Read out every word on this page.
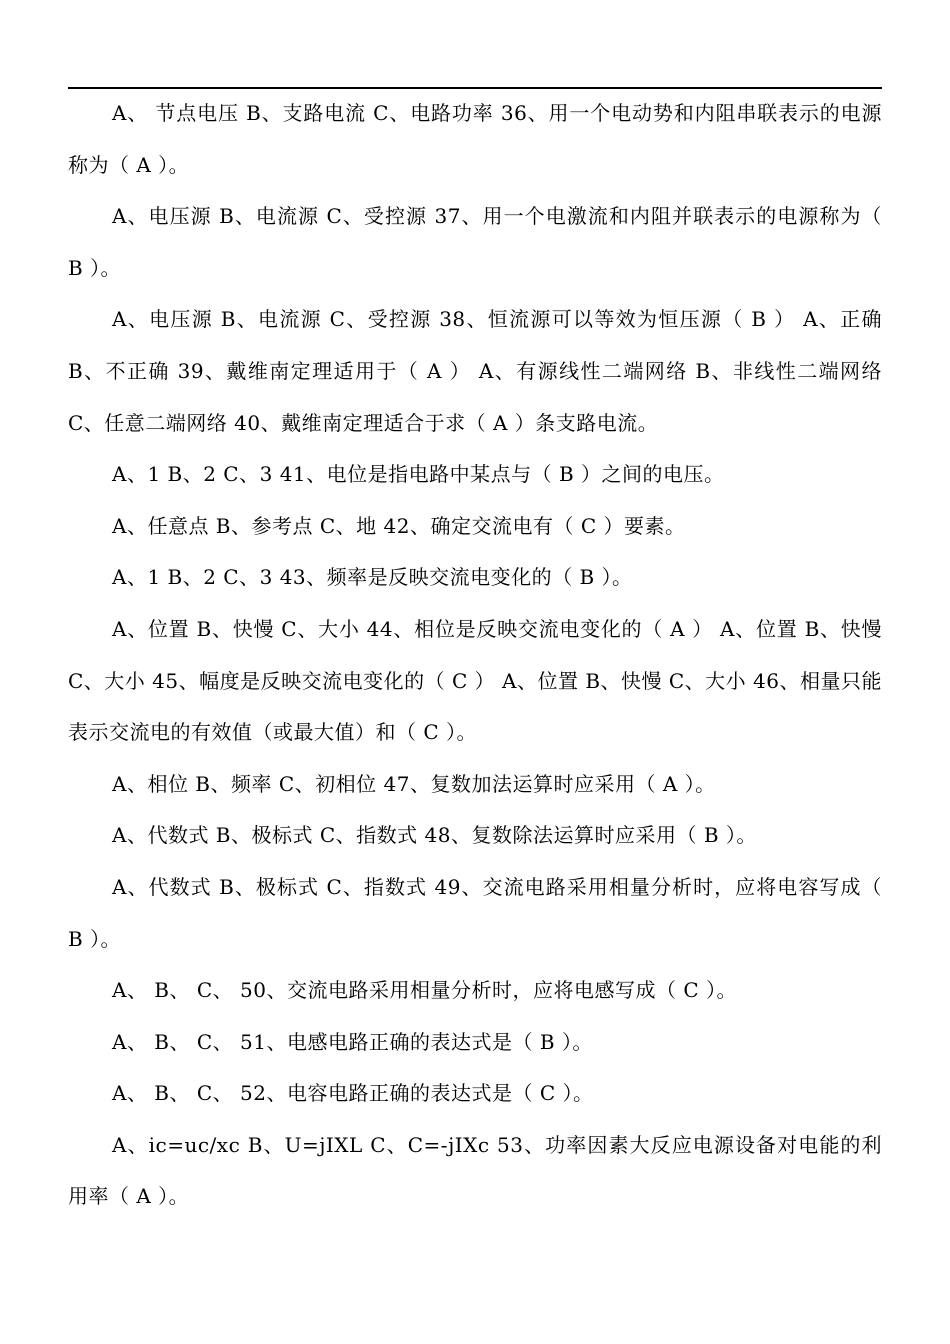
A、 节点电压 B、支路电流 C、电路功率 36、用一个电动势和内阻串联表示的电源称为（ A ）。

A、电压源 B、电流源 C、受控源 37、用一个电激流和内阻并联表示的电源称为（ B ）。

A、电压源 B、电流源 C、受控源 38、恒流源可以等效为恒压源（ B ） A、正确 B、不正确 39、戴维南定理适用于（ A ） A、有源线性二端网络 B、非线性二端网络 C、任意二端网络 40、戴维南定理适合于求（ A ）条支路电流。

A、1 B、2 C、3 41、电位是指电路中某点与（ B ）之间的电压。

A、任意点 B、参考点 C、地 42、确定交流电有（ C ）要素。

A、1 B、2 C、3 43、频率是反映交流电变化的（ B ）。

A、位置 B、快慢 C、大小 44、相位是反映交流电变化的（ A ） A、位置 B、快慢 C、大小 45、幅度是反映交流电变化的（ C ） A、位置 B、快慢 C、大小 46、相量只能表示交流电的有效值（或最大值）和（ C ）。

A、相位 B、频率 C、初相位 47、复数加法运算时应采用（ A ）。

A、代数式 B、极标式 C、指数式 48、复数除法运算时应采用（ B ）。

A、代数式 B、极标式 C、指数式 49、交流电路采用相量分析时，应将电容写成（ B ）。

A、 B、 C、 50、交流电路采用相量分析时，应将电感写成（ C ）。

A、 B、 C、 51、电感电路正确的表达式是（ B ）。

A、 B、 C、 52、电容电路正确的表达式是（ C ）。

A、ic=uc/xc B、U=jIXL C、C=-jIXc 53、功率因素大反应电源设备对电能的利用率（ A ）。
